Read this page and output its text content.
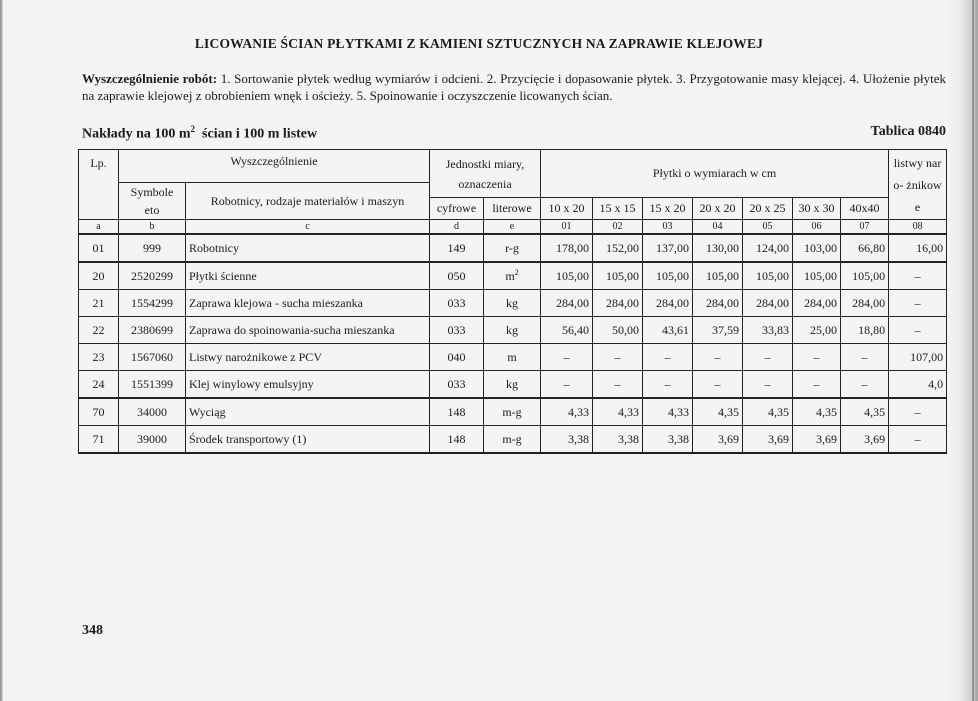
LICOWANIE ŚCIAN PŁYTKAMI Z KAMIENI SZTUCZNYCH NA ZAPRAWIE KLEJOWEJ
Wyszczególnienie robót: 1. Sortowanie płytek według wymiarów i odcieni. 2. Przycięcie i dopasowanie płytek. 3. Przygotowanie masy klejącej. 4. Ułożenie płytek na zaprawie klejowej z obrobieniem wnęk i ościeży. 5. Spoinowanie i oczyszczenie licowanych ścian.
Nakłady na 100 $m^2$  ścian i 100 m listew	Tablica 0840
Lp.	Wyszczególnienie		Jednostki miary, oznaczenia		Płytki o wymiarach w cm							listwy naro- żnikowe
	Symbole eto	Robotnicy, rodzaje materiałów i maszyn										
			cyfrowe	literowe	10 x 20	15 x 15	15 x 20	20 x 20	20 x 25	30 x 30	40x40	
a	b	c	d	e	01	02	03	04	05	06	07	08
01	999	Robotnicy	149	r-g	178,00	152,00	137,00	130,00	124,00	103,00	66,80	16,00
20	2520299	Płytki ścienne	050	$m^2$	105,00	105,00	105,00	105,00	105,00	105,00	105,00	–
21	1554299	Zaprawa klejowa - sucha mieszanka	033	kg	284,00	284,00	284,00	284,00	284,00	284,00	284,00	–
22	2380699	Zaprawa do spoinowania-sucha mieszanka	033	kg	56,40	50,00	43,61	37,59	33,83	25,00	18,80	–
23	1567060	Listwy narożnikowe z PCV	040	m	–	–	–	–	–	–	–	107,00
24	1551399	Klej winylowy emulsyjny	033	kg	–	–	–	–	–	–	–	4,0
70	34000	Wyciąg	148	m-g	4,33	4,33	4,33	4,35	4,35	4,35	4,35	–
71	39000	Środek transportowy (1)	148	m-g	3,38	3,38	3,38	3,69	3,69	3,69	3,69	–
348
